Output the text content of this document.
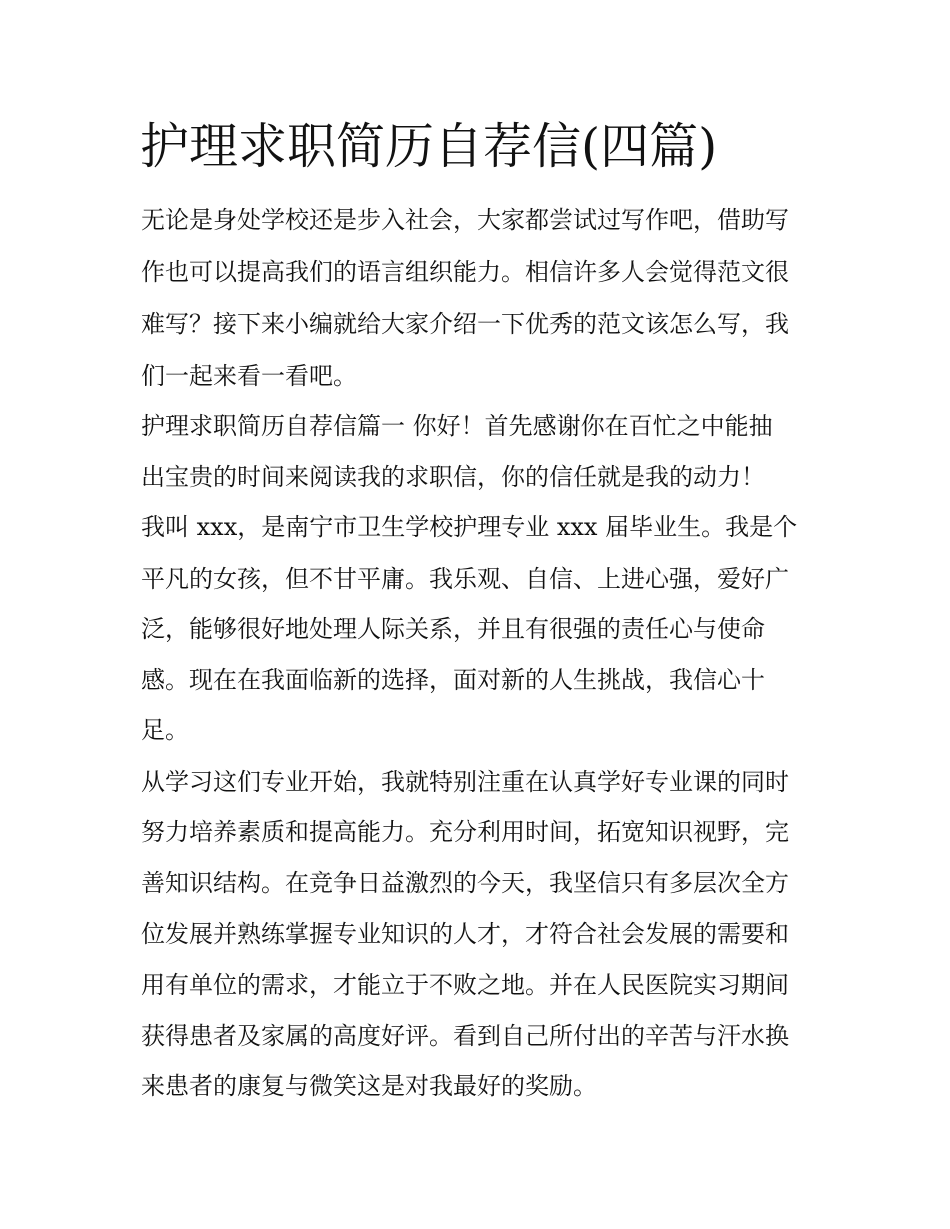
护理求职简历自荐信(四篇)

无论是身处学校还是步入社会，大家都尝试过写作吧，借助写

作也可以提高我们的语言组织能力。相信许多人会觉得范文很

难写？接下来小编就给大家介绍一下优秀的范文该怎么写，我

们一起来看一看吧。

护理求职简历自荐信篇一 你好！首先感谢你在百忙之中能抽

出宝贵的时间来阅读我的求职信，你的信任就是我的动力！

我叫 xxx，是南宁市卫生学校护理专业 xxx 届毕业生。我是个

平凡的女孩，但不甘平庸。我乐观、自信、上进心强，爱好广

泛，能够很好地处理人际关系，并且有很强的责任心与使命

感。现在在我面临新的选择，面对新的人生挑战，我信心十

足。

从学习这们专业开始，我就特别注重在认真学好专业课的同时

努力培养素质和提高能力。充分利用时间，拓宽知识视野，完

善知识结构。在竞争日益激烈的今天，我坚信只有多层次全方

位发展并熟练掌握专业知识的人才，才符合社会发展的需要和

用有单位的需求，才能立于不败之地。并在人民医院实习期间

获得患者及家属的高度好评。看到自己所付出的辛苦与汗水换

来患者的康复与微笑这是对我最好的奖励。
